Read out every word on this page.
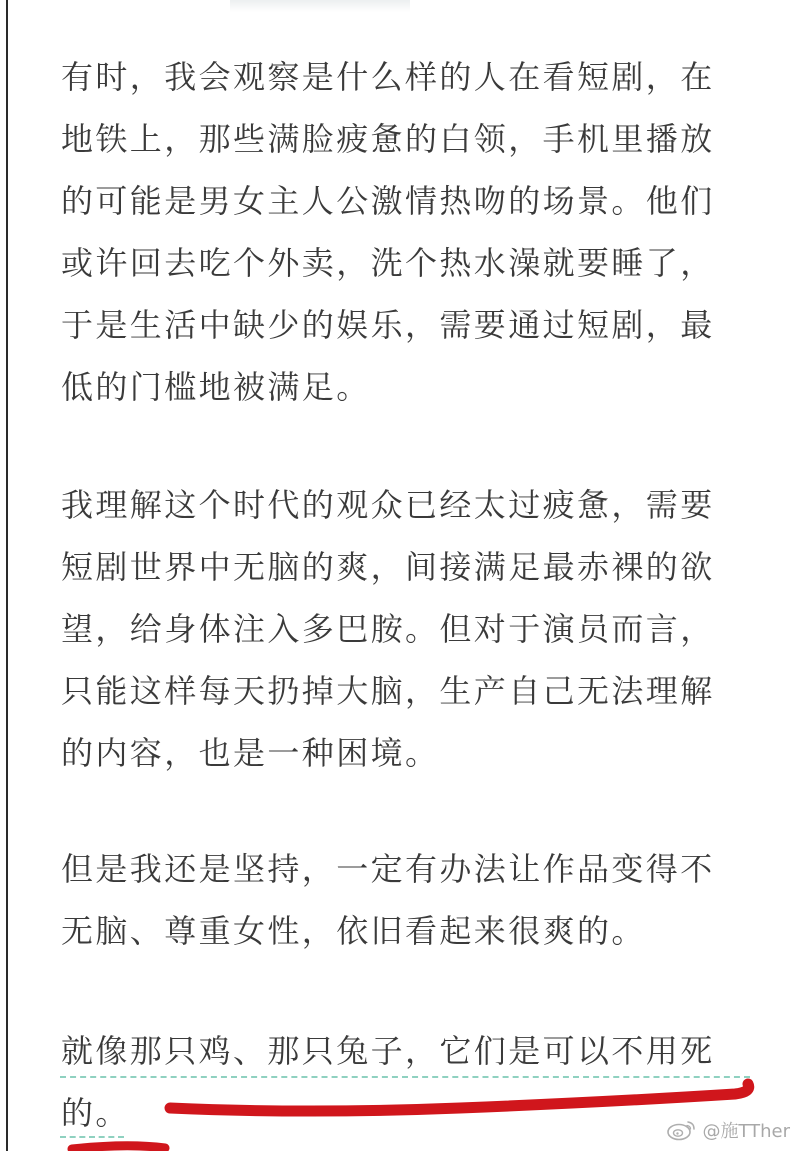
有时，我会观察是什么样的人在看短剧，在
地铁上，那些满脸疲惫的白领，手机里播放
的可能是男女主人公激情热吻的场景。他们
或许回去吃个外卖，洗个热水澡就要睡了，
于是生活中缺少的娱乐，需要通过短剧，最
低的门槛地被满足。

我理解这个时代的观众已经太过疲惫，需要
短剧世界中无脑的爽，间接满足最赤裸的欲
望，给身体注入多巴胺。但对于演员而言，
只能这样每天扔掉大脑，生产自己无法理解
的内容，也是一种困境。

但是我还是坚持，一定有办法让作品变得不
无脑、尊重女性，依旧看起来很爽的。

就像那只鸡、那只兔子，它们是可以不用死
的。	@施TTher
